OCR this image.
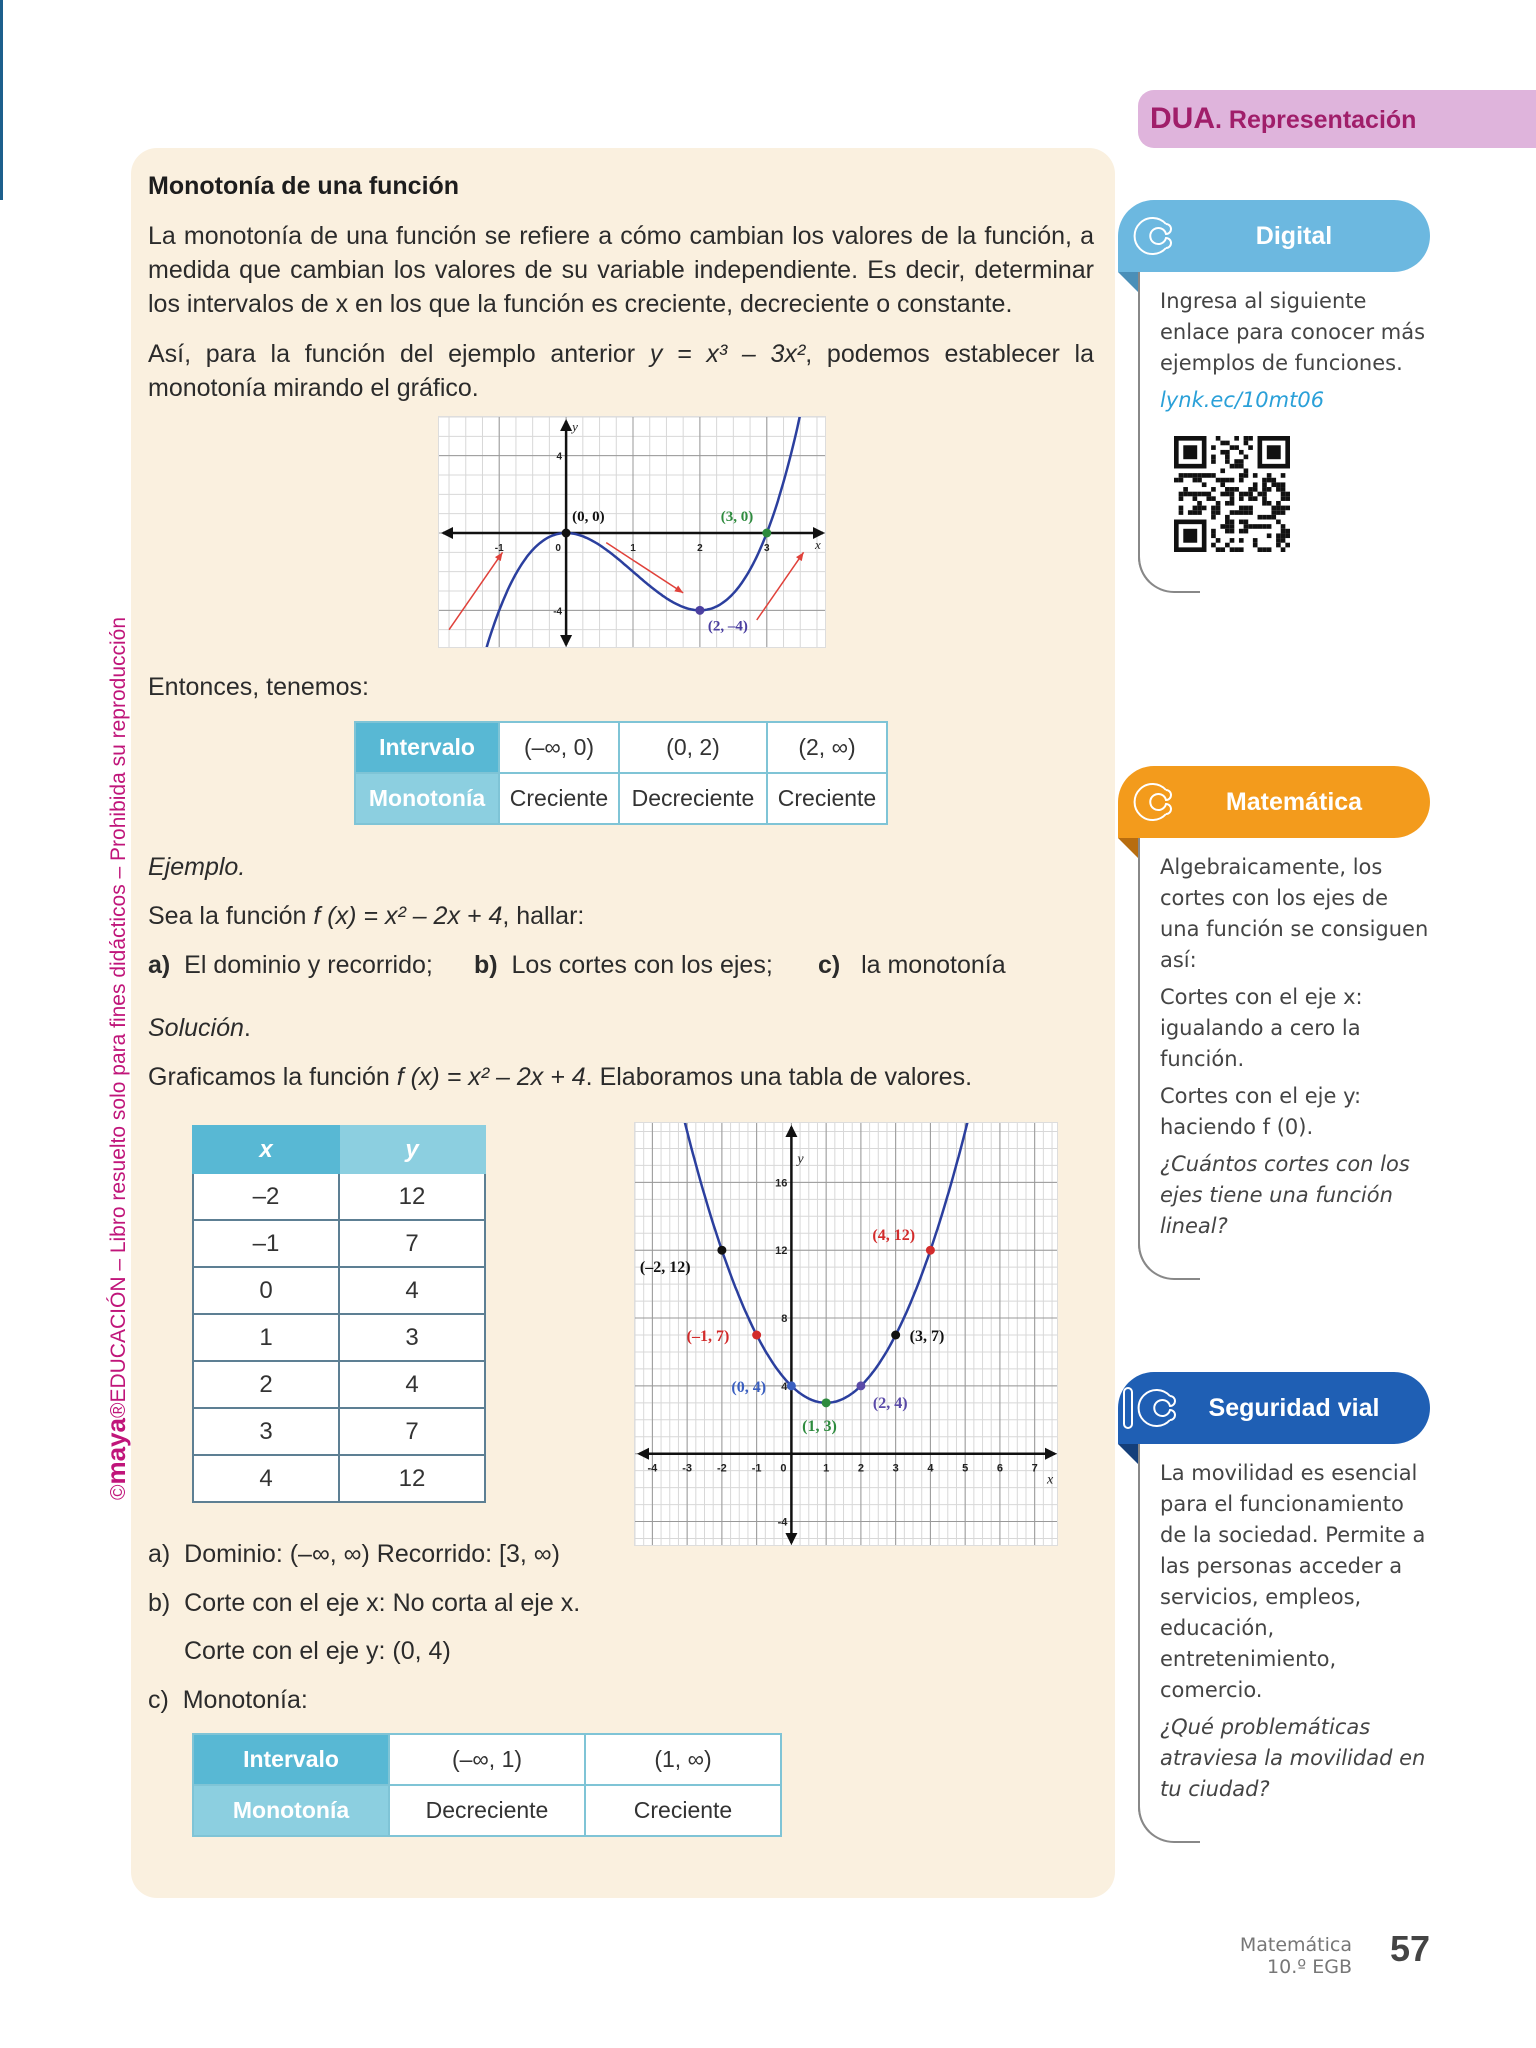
©maya®EDUCACIÓN – Libro resuelto solo para fines didácticos – Prohibida su reproducción
Monotonía de una función
La monotonía de una función se refiere a cómo cambian los valores de la función, a medida que cambian los valores de su variable independiente. Es decir, determinar los intervalos de x en los que la función es creciente, decreciente o constante.
Así, para la función del ejemplo anterior y = x³ – 3x², podemos establecer la monotonía mirando el gráfico.
-1	0	1	2	3
4
-4
x
y
(0, 0)	(3, 0)
(2, –4)
Entonces, tenemos:
Intervalo	(–∞, 0)	(0, 2)	(2, ∞)
Monotonía	Creciente	Decreciente	Creciente
Ejemplo.
Sea la función f (x) = x² – 2x + 4, hallar:
a) El dominio y recorrido; b) Los cortes con los ejes; c) la monotonía
Solución.
Graficamos la función f (x) = x² – 2x + 4. Elaboramos una tabla de valores.
x	y
–2	12
–1	7
0	4
1	3
2	4
3	7
4	12	-4 -3 -2 -1 0	1	2	3	4	5	6	7
16
12
8
4
-4
x
y
(–2, 12)
(–1, 7)
(0, 4)
(1, 3)
(2, 4)
(3, 7)
(4, 12)
a) Dominio: (–∞, ∞) Recorrido: [3, ∞)
b) Corte con el eje x: No corta al eje x.
Corte con el eje y: (0, 4)
c) Monotonía:
Intervalo	(–∞, 1)	(1, ∞)
Monotonía	Decreciente	Creciente
DUA. Representación
Digital

Ingresa al siguiente enlace para conocer más ejemplos de funciones.

lynk.ec/10mt06

Matemática

Algebraicamente, los cortes con los ejes de una función se consiguen así:

Cortes con el eje x: igualando a cero la función.

Cortes con el eje y: haciendo f (0).

¿Cuántos cortes con los ejes tiene una función lineal?

Seguridad vial

La movilidad es esencial para el funcionamiento de la sociedad. Permite a las personas acceder a servicios, empleos, educación, entretenimiento, comercio.

¿Qué problemáticas atraviesa la movilidad en tu ciudad?

Matemática
10.º EGB 57
